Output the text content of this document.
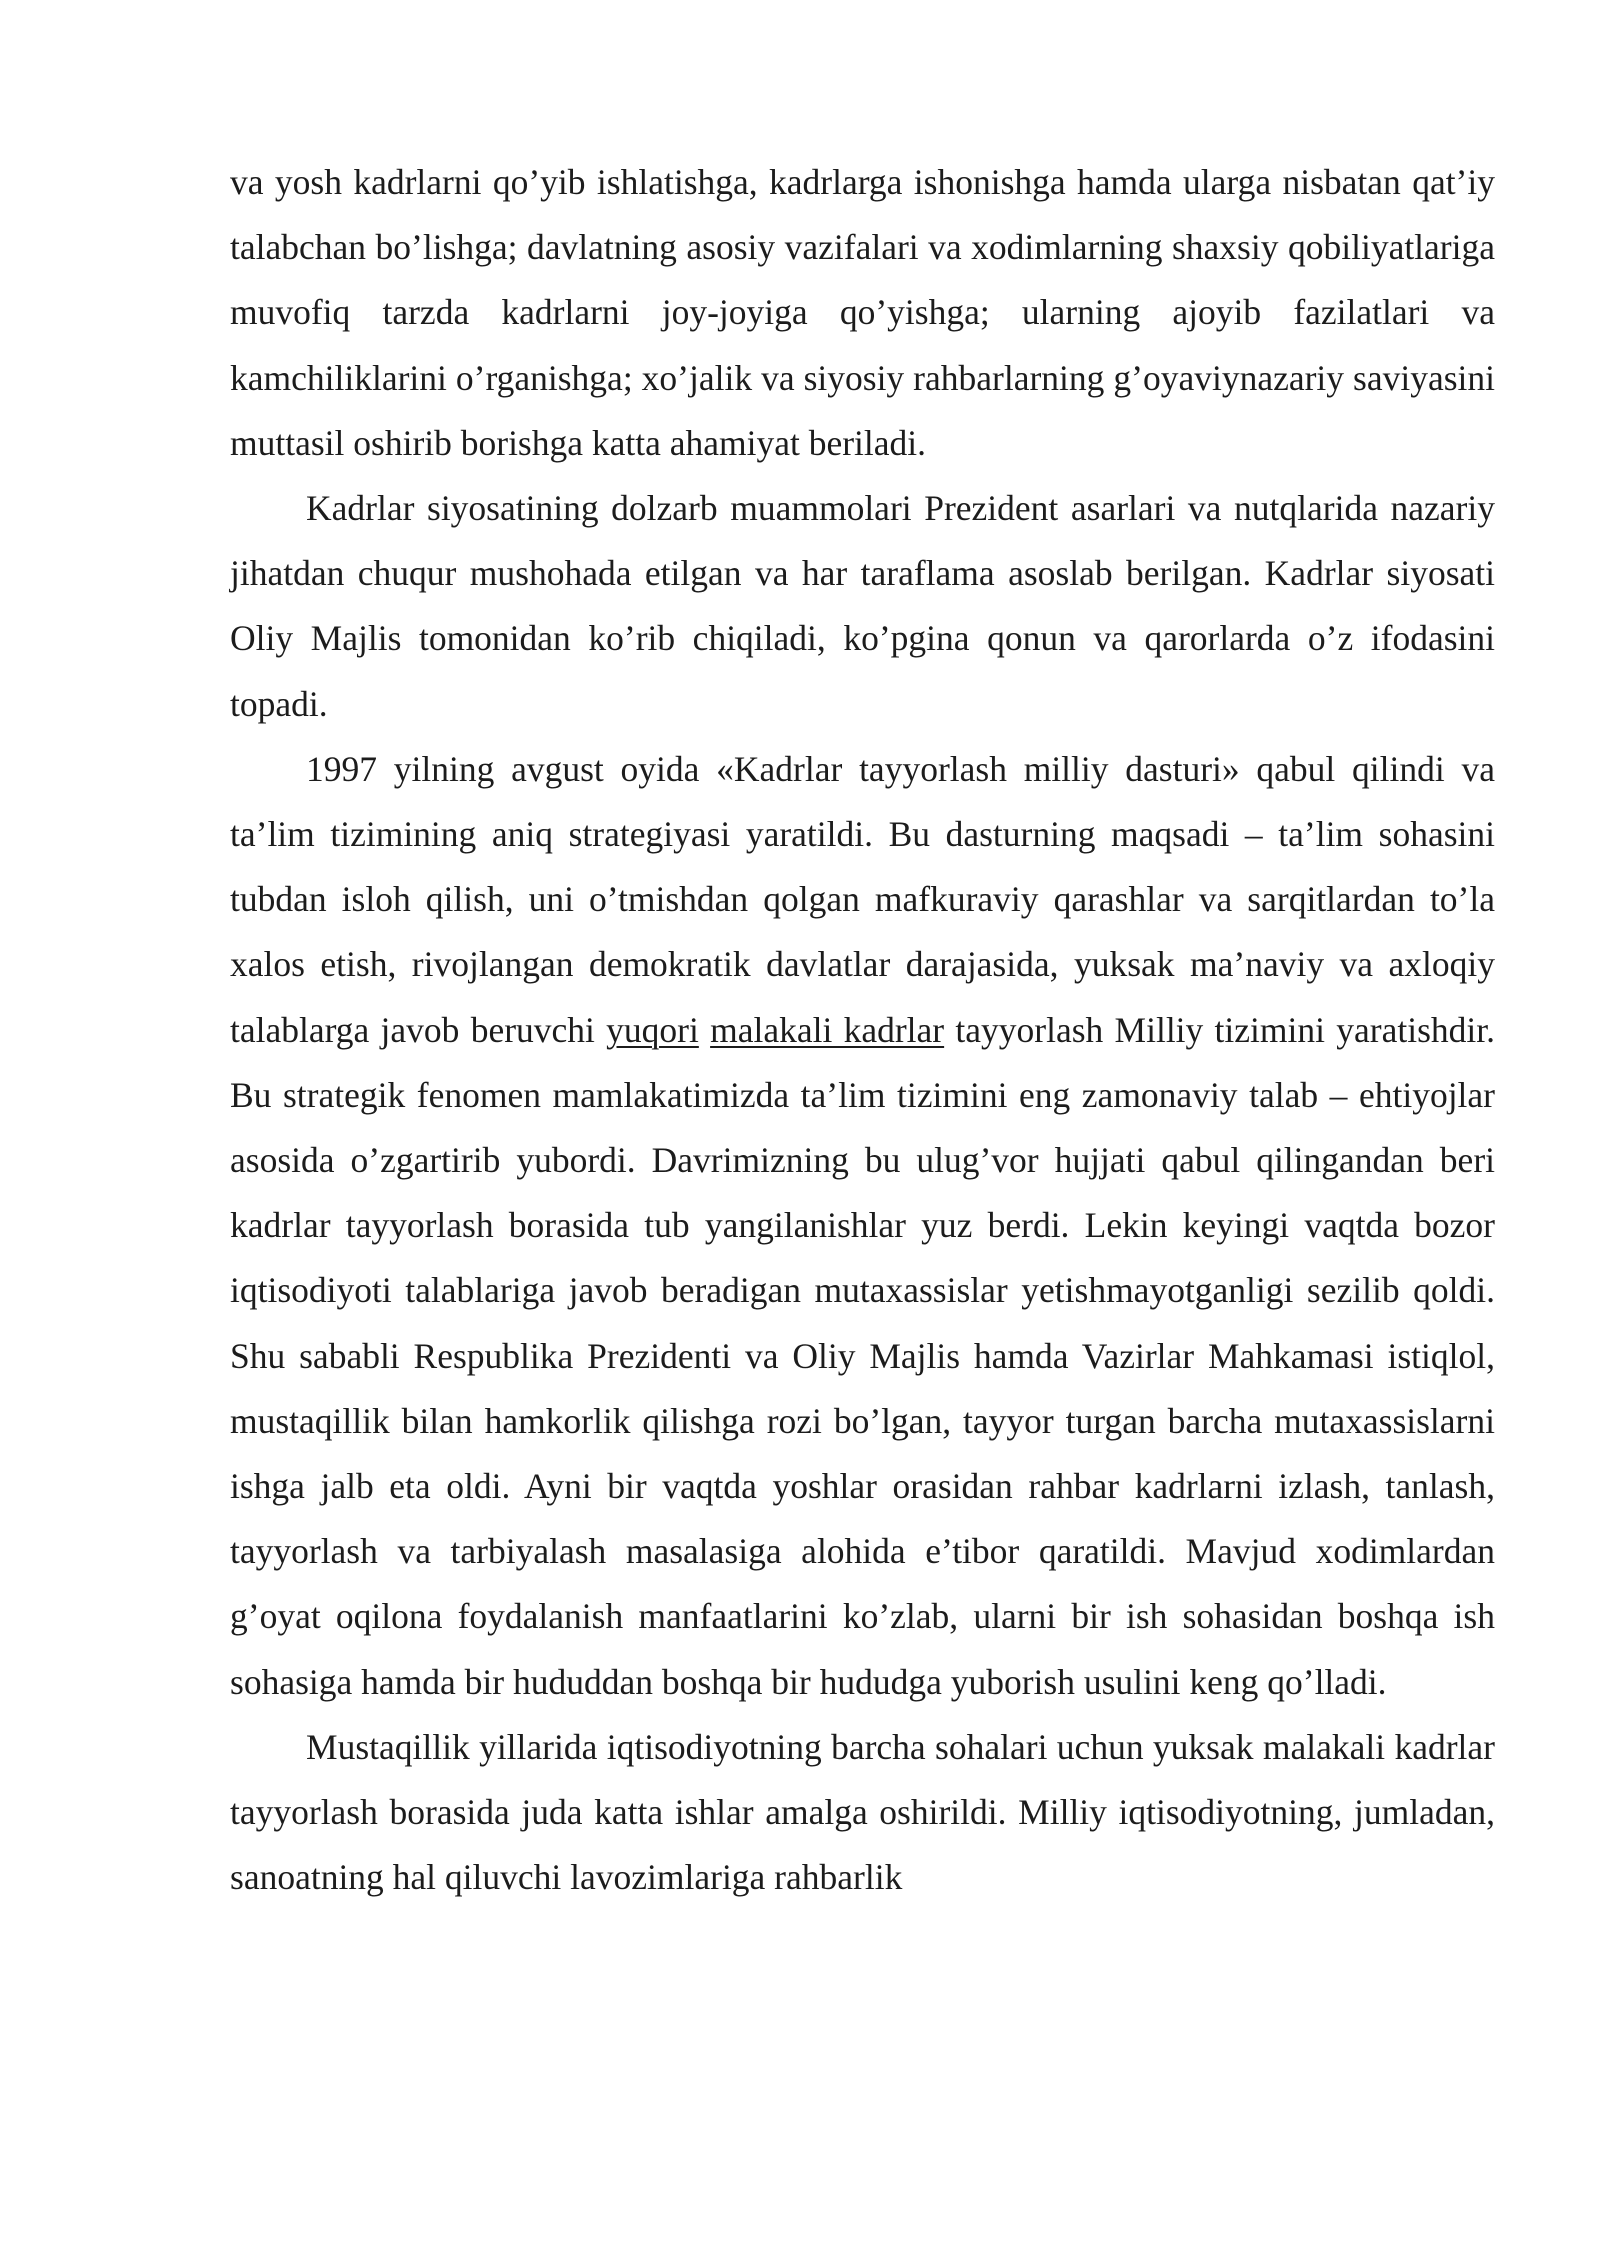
va yosh kadrlarni qo’yib ishlatishga, kadrlarga ishonishga hamda ularga nisbatan qat’iy talabchan bo’lishga; davlatning asosiy vazifalari va xodimlarning shaxsiy qobiliyatlariga muvofiq tarzda kadrlarni joy-joyiga qo’yishga; ularning ajoyib fazilatlari va kamchiliklarini o’rganishga; xo’jalik va siyosiy rahbarlarning g’oyaviynazariy saviyasini muttasil oshirib borishga katta ahamiyat beriladi.

Kadrlar siyosatining dolzarb muammolari Prezident asarlari va nutqlarida nazariy jihatdan chuqur mushohada etilgan va har taraflama asoslab berilgan. Kadrlar siyosati Oliy Majlis tomonidan ko’rib chiqiladi, ko’pgina qonun va qarorlarda o’z ifodasini topadi.

1997 yilning avgust oyida «Kadrlar tayyorlash milliy dasturi» qabul qilindi va ta’lim tizimining aniq strategiyasi yaratildi. Bu dasturning maqsadi – ta’lim sohasini tubdan isloh qilish, uni o’tmishdan qolgan mafkuraviy qarashlar va sarqitlardan to’la xalos etish, rivojlangan demokratik davlatlar darajasida, yuksak ma’naviy va axloqiy talablarga javob beruvchi yuqori malakali kadrlar tayyorlash Milliy tizimini yaratishdir. Bu strategik fenomen mamlakatimizda ta’lim tizimini eng zamonaviy talab – ehtiyojlar asosida o’zgartirib yubordi. Davrimizning bu ulug’vor hujjati qabul qilingandan beri kadrlar tayyorlash borasida tub yangilanishlar yuz berdi. Lekin keyingi vaqtda bozor iqtisodiyoti talablariga javob beradigan mutaxassislar yetishmayotganligi sezilib qoldi. Shu sababli Respublika Prezidenti va Oliy Majlis hamda Vazirlar Mahkamasi istiqlol, mustaqillik bilan hamkorlik qilishga rozi bo’lgan, tayyor turgan barcha mutaxassislarni ishga jalb eta oldi. Ayni bir vaqtda yoshlar orasidan rahbar kadrlarni izlash, tanlash, tayyorlash va tarbiyalash masalasiga alohida e’tibor qaratildi. Mavjud xodimlardan g’oyat oqilona foydalanish manfaatlarini ko’zlab, ularni bir ish sohasidan boshqa ish sohasiga hamda bir hududdan boshqa bir hududga yuborish usulini keng qo’lladi.

Mustaqillik yillarida iqtisodiyotning barcha sohalari uchun yuksak malakali kadrlar tayyorlash borasida juda katta ishlar amalga oshirildi. Milliy iqtisodiyotning, jumladan, sanoatning hal qiluvchi lavozimlariga rahbarlik
